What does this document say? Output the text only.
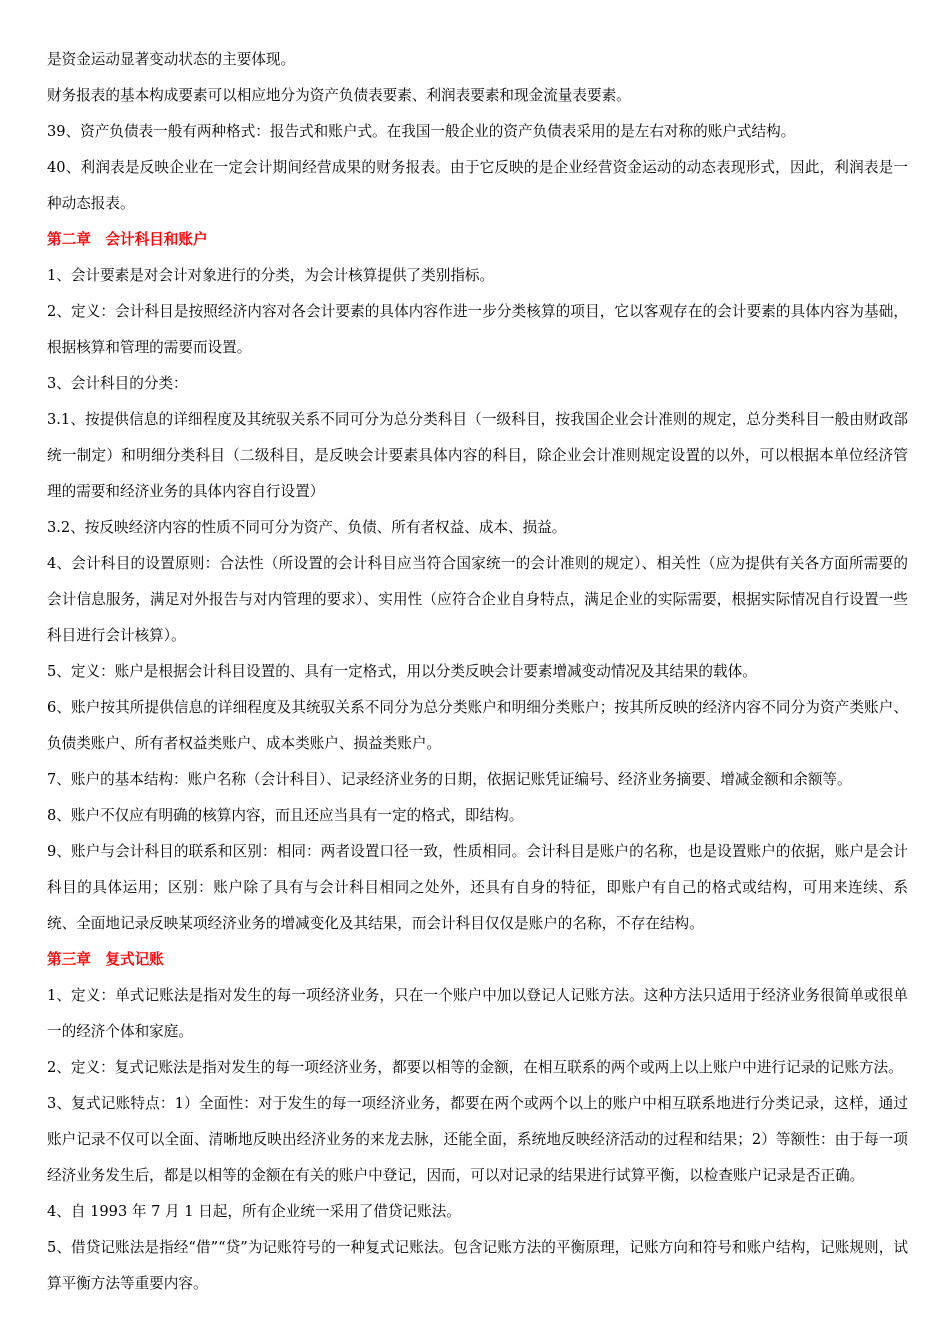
是资金运动显著变动状态的主要体现。

财务报表的基本构成要素可以相应地分为资产负债表要素、利润表要素和现金流量表要素。

39、资产负债表一般有两种格式：报告式和账户式。在我国一般企业的资产负债表采用的是左右对称的账户式结构。

40、利润表是反映企业在一定会计期间经营成果的财务报表。由于它反映的是企业经营资金运动的动态表现形式，因此，利润表是一种动态报表。

第二章　会计科目和账户

1、会计要素是对会计对象进行的分类，为会计核算提供了类别指标。

2、定义：会计科目是按照经济内容对各会计要素的具体内容作进一步分类核算的项目，它以客观存在的会计要素的具体内容为基础，根据核算和管理的需要而设置。

3、会计科目的分类：

3.1、按提供信息的详细程度及其统驭关系不同可分为总分类科目（一级科目，按我国企业会计准则的规定，总分类科目一般由财政部统一制定）和明细分类科目（二级科目，是反映会计要素具体内容的科目，除企业会计准则规定设置的以外，可以根据本单位经济管理的需要和经济业务的具体内容自行设置）

3.2、按反映经济内容的性质不同可分为资产、负债、所有者权益、成本、损益。

4、会计科目的设置原则：合法性（所设置的会计科目应当符合国家统一的会计准则的规定）、相关性（应为提供有关各方面所需要的会计信息服务，满足对外报告与对内管理的要求）、实用性（应符合企业自身特点，满足企业的实际需要，根据实际情况自行设置一些科目进行会计核算）。

5、定义：账户是根据会计科目设置的、具有一定格式，用以分类反映会计要素增减变动情况及其结果的载体。

6、账户按其所提供信息的详细程度及其统驭关系不同分为总分类账户和明细分类账户；按其所反映的经济内容不同分为资产类账户、负债类账户、所有者权益类账户、成本类账户、损益类账户。

7、账户的基本结构：账户名称（会计科目）、记录经济业务的日期，依据记账凭证编号、经济业务摘要、增减金额和余额等。

8、账户不仅应有明确的核算内容，而且还应当具有一定的格式，即结构。

9、账户与会计科目的联系和区别：相同：两者设置口径一致，性质相同。会计科目是账户的名称，也是设置账户的依据，账户是会计科目的具体运用；区别：账户除了具有与会计科目相同之处外，还具有自身的特征，即账户有自己的格式或结构，可用来连续、系统、全面地记录反映某项经济业务的增减变化及其结果，而会计科目仅仅是账户的名称，不存在结构。

第三章　复式记账

1、定义：单式记账法是指对发生的每一项经济业务，只在一个账户中加以登记人记账方法。这种方法只适用于经济业务很简单或很单一的经济个体和家庭。

2、定义：复式记账法是指对发生的每一项经济业务，都要以相等的金额，在相互联系的两个或两上以上账户中进行记录的记账方法。

3、复式记账特点：1）全面性：对于发生的每一项经济业务，都要在两个或两个以上的账户中相互联系地进行分类记录，这样，通过账户记录不仅可以全面、清晰地反映出经济业务的来龙去脉，还能全面，系统地反映经济活动的过程和结果；2）等额性：由于每一项经济业务发生后，都是以相等的金额在有关的账户中登记，因而，可以对记录的结果进行试算平衡，以检查账户记录是否正确。

4、自 1993 年 7 月 1 日起，所有企业统一采用了借贷记账法。

5、借贷记账法是指经“借”“贷”为记账符号的一种复式记账法。包含记账方法的平衡原理，记账方向和符号和账户结构，记账规则，试算平衡方法等重要内容。
